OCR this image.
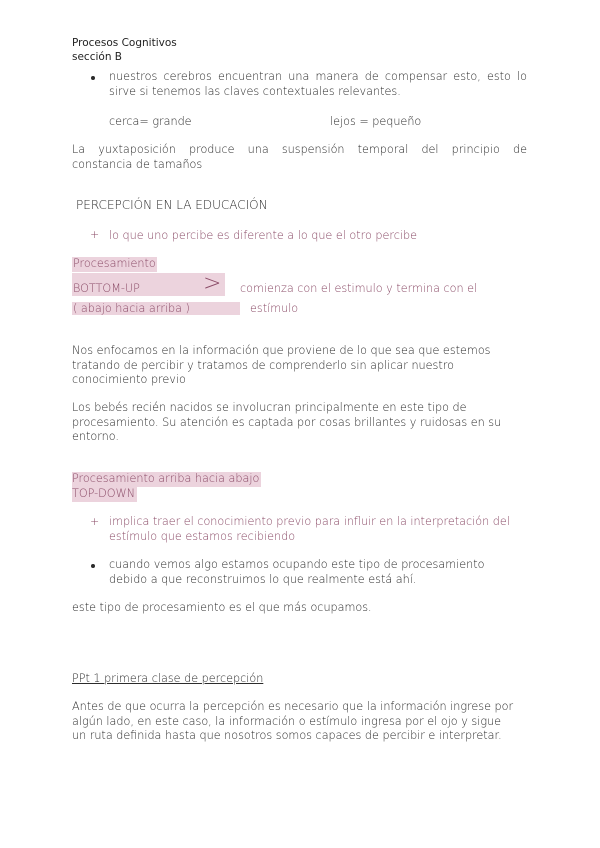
Procesos Cognitivos
sección B
nuestros cerebros encuentran una manera de compensar esto, esto lo
sirve si tenemos las claves contextuales relevantes.
cerca= grande	lejos = pequeño
La yuxtaposición produce una suspensión temporal del principio de
constancia de tamaños
PERCEPCIÓN EN LA EDUCACIÓN
+ lo que uno percibe es diferente a lo que el otro percibe
Procesamiento
BOTTOM-UP	> comienza con el estimulo y termina con el
( abajo hacia arriba )	estímulo
Nos enfocamos en la información que proviene de lo que sea que estemos
tratando de percibir y tratamos de comprenderlo sin aplicar nuestro
conocimiento previo
Los bebés recién nacidos se involucran principalmente en este tipo de
procesamiento. Su atención es captada por cosas brillantes y ruidosas en su
entorno.
Procesamiento arriba hacia abajo
TOP-DOWN
+ implica traer el conocimiento previo para influir en la interpretación del
estímulo que estamos recibiendo
cuando vemos algo estamos ocupando este tipo de procesamiento
debido a que reconstruimos lo que realmente está ahí.
este tipo de procesamiento es el que más ocupamos.
PPt 1 primera clase de percepción
Antes de que ocurra la percepción es necesario que la información ingrese por
algún lado, en este caso, la información o estímulo ingresa por el ojo y sigue
un ruta definida hasta que nosotros somos capaces de percibir e interpretar.
